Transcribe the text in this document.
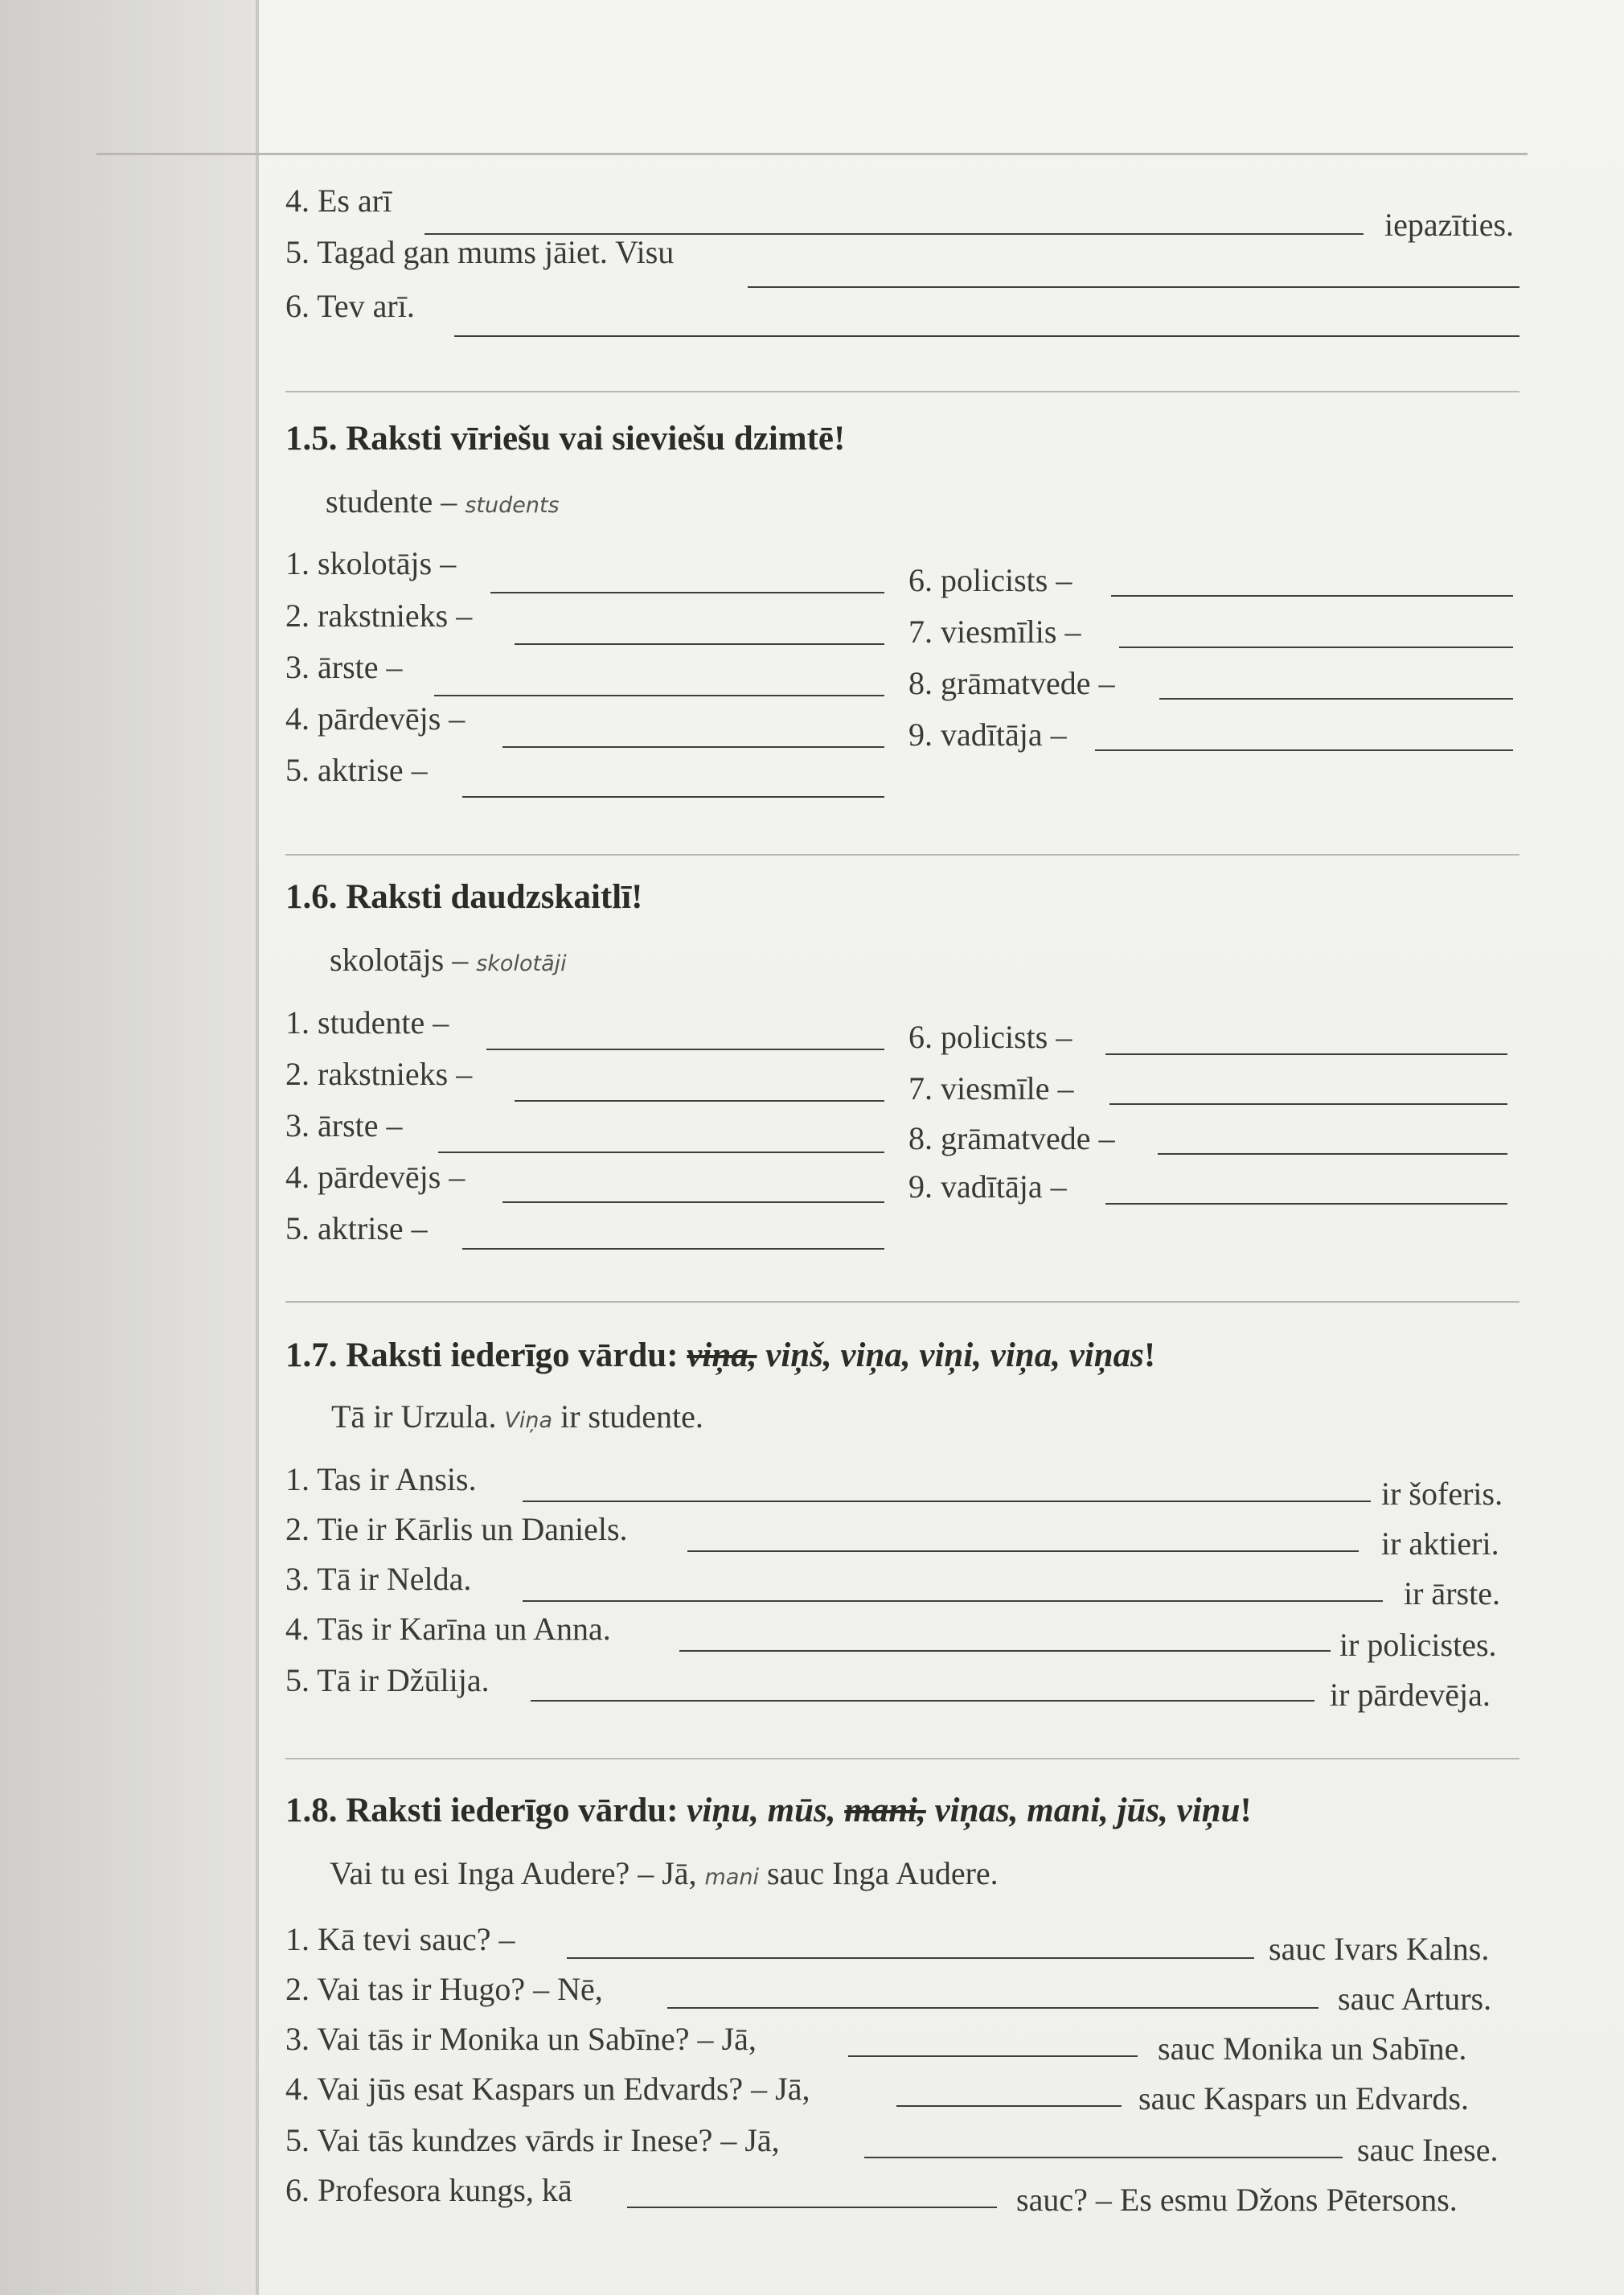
4. Es arī
iepazīties.
5. Tagad gan mums jāiet. Visu
6. Tev arī.
1.5. Raksti vīriešu vai sieviešu dzimtē!
studente – students
1. skolotājs –
2. rakstnieks –
3. ārste –
4. pārdevējs –
5. aktrise –
6. policists –
7. viesmīlis –
8. grāmatvede –
9. vadītāja –
1.6. Raksti daudzskaitlī!
skolotājs – skolotāji
1. studente –
2. rakstnieks –
3. ārste –
4. pārdevējs –
5. aktrise –
6. policists –
7. viesmīle –
8. grāmatvede –
9. vadītāja –
1.7. Raksti iederīgo vārdu: viņa, viņš, viņa, viņi, viņa, viņas!
Tā ir Urzula. Viņa ir studente.
1. Tas ir Ansis.	ir šoferis.
2. Tie ir Kārlis un Daniels.	ir aktieri.
3. Tā ir Nelda.	ir ārste.
4. Tās ir Karīna un Anna.	ir policistes.
5. Tā ir Džūlija.	ir pārdevēja.
1.8. Raksti iederīgo vārdu: viņu, mūs, mani, viņas, mani, jūs, viņu!
Vai tu esi Inga Audere? – Jā, mani sauc Inga Audere.
1. Kā tevi sauc? –	sauc Ivars Kalns.
2. Vai tas ir Hugo? – Nē,	sauc Arturs.
3. Vai tās ir Monika un Sabīne? – Jā,	sauc Monika un Sabīne.
4. Vai jūs esat Kaspars un Edvards? – Jā,	sauc Kaspars un Edvards.
5. Vai tās kundzes vārds ir Inese? – Jā,	sauc Inese.
6. Profesora kungs, kā	sauc? – Es esmu Džons Pētersons.
